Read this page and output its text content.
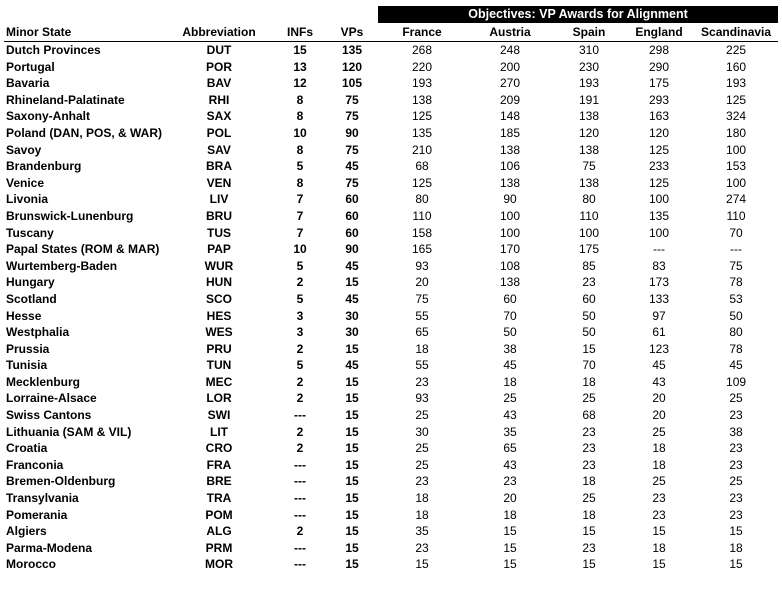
				Objectives: VP Awards for Alignment				
Minor State	Abbreviation	INFs	VPs	France	Austria	Spain	England	Scandinavia
Dutch Provinces	DUT	15	135	268	248	310	298	225
Portugal	POR	13	120	220	200	230	290	160
Bavaria	BAV	12	105	193	270	193	175	193
Rhineland-Palatinate	RHI	8	75	138	209	191	293	125
Saxony-Anhalt	SAX	8	75	125	148	138	163	324
Poland (DAN, POS, & WAR)	POL	10	90	135	185	120	120	180
Savoy	SAV	8	75	210	138	138	125	100
Brandenburg	BRA	5	45	68	106	75	233	153
Venice	VEN	8	75	125	138	138	125	100
Livonia	LIV	7	60	80	90	80	100	274
Brunswick-Lunenburg	BRU	7	60	110	100	110	135	110
Tuscany	TUS	7	60	158	100	100	100	70
Papal States (ROM & MAR)	PAP	10	90	165	170	175	---	---
Wurtemberg-Baden	WUR	5	45	93	108	85	83	75
Hungary	HUN	2	15	20	138	23	173	78
Scotland	SCO	5	45	75	60	60	133	53
Hesse	HES	3	30	55	70	50	97	50
Westphalia	WES	3	30	65	50	50	61	80
Prussia	PRU	2	15	18	38	15	123	78
Tunisia	TUN	5	45	55	45	70	45	45
Mecklenburg	MEC	2	15	23	18	18	43	109
Lorraine-Alsace	LOR	2	15	93	25	25	20	25
Swiss Cantons	SWI	---	15	25	43	68	20	23
Lithuania (SAM & VIL)	LIT	2	15	30	35	23	25	38
Croatia	CRO	2	15	25	65	23	18	23
Franconia	FRA	---	15	25	43	23	18	23
Bremen-Oldenburg	BRE	---	15	23	23	18	25	25
Transylvania	TRA	---	15	18	20	25	23	23
Pomerania	POM	---	15	18	18	18	23	23
Algiers	ALG	2	15	35	15	15	15	15
Parma-Modena	PRM	---	15	23	15	23	18	18
Morocco	MOR	---	15	15	15	15	15	15
